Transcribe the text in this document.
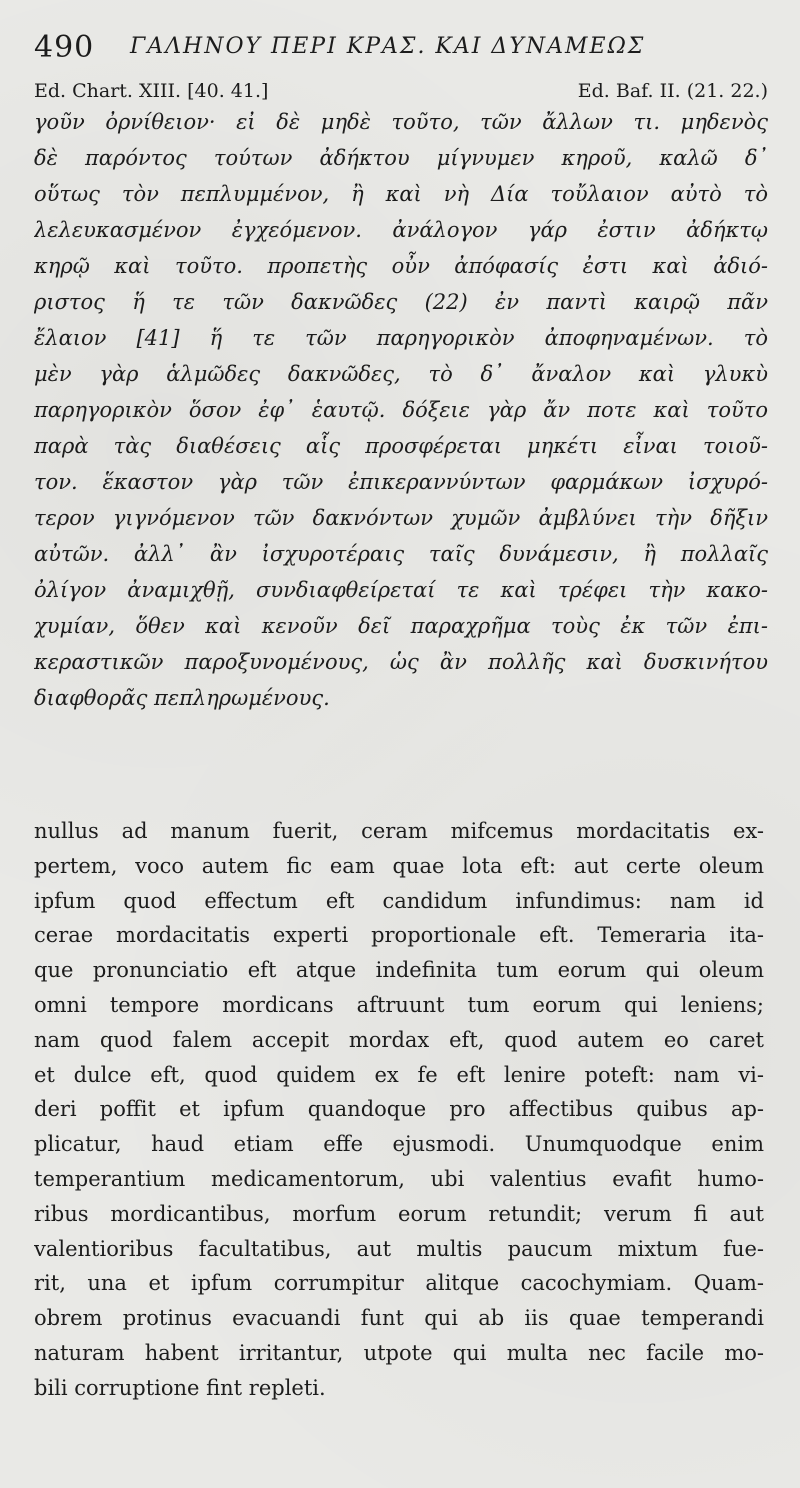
490 ΓΑΛΗΝΟΥ ΠΕΡΙ ΚΡΑΣ. ΚΑΙ ΔΥΝΑΜΕΩΣ
Ed. Chart. XIII. [40. 41.]	Ed. Baf. II. (21. 22.)
γοῦν ὀρνίθειον· εἰ δὲ μηδὲ τοῦτο, τῶν ἄλλων τι. μηδενὸς
δὲ παρόντος τούτων ἀδήκτου μίγνυμεν κηροῦ, καλῶ δ᾽
οὕτως τὸν πεπλυμμένον, ἢ καὶ νὴ Δία τοὔλαιον αὐτὸ τὸ
λελευκασμένον ἐγχεόμενον. ἀνάλογον γάρ ἐστιν ἀδήκτῳ
κηρῷ καὶ τοῦτο. προπετὴς οὖν ἀπόφασίς ἐστι καὶ ἀδιό-
ριστος ἥ τε τῶν δακνῶδες (22) ἐν παντὶ καιρῷ πᾶν
ἔλαιον [41] ἥ τε τῶν παρηγορικὸν ἀποφηναμένων. τὸ
μὲν γὰρ ἁλμῶδες δακνῶδες, τὸ δ᾽ ἄναλον καὶ γλυκὺ
παρηγορικὸν ὅσον ἐφ᾽ ἑαυτῷ. δόξειε γὰρ ἄν ποτε καὶ τοῦτο
παρὰ τὰς διαθέσεις αἷς προσφέρεται μηκέτι εἶναι τοιοῦ-
τον. ἕκαστον γὰρ τῶν ἐπικεραννύντων φαρμάκων ἰσχυρό-
τερον γιγνόμενον τῶν δακνόντων χυμῶν ἀμβλύνει τὴν δῆξιν
αὐτῶν. ἀλλ᾽ ἂν ἰσχυροτέραις ταῖς δυνάμεσιν, ἢ πολλαῖς
ὀλίγον ἀναμιχθῇ, συνδιαφθείρεταί τε καὶ τρέφει τὴν κακο-
χυμίαν, ὅθεν καὶ κενοῦν δεῖ παραχρῆμα τοὺς ἐκ τῶν ἐπι-
κεραστικῶν παροξυνομένους, ὡς ἂν πολλῆς καὶ δυσκινήτου
διαφθορᾶς πεπληρωμένους.

nullus ad manum fuerit, ceram mifcemus mordacitatis ex-
pertem, voco autem fic eam quae lota eft: aut certe oleum
ipfum quod effectum eft candidum infundimus: nam id
cerae mordacitatis experti proportionale eft. Temeraria ita-
que pronunciatio eft atque indefinita tum eorum qui oleum
omni tempore mordicans aftruunt tum eorum qui leniens;
nam quod falem accepit mordax eft, quod autem eo caret
et dulce eft, quod quidem ex fe eft lenire poteft: nam vi-
deri poffit et ipfum quandoque pro affectibus quibus ap-
plicatur, haud etiam effe ejusmodi. Unumquodque enim
temperantium medicamentorum, ubi valentius evafit humo-
ribus mordicantibus, morfum eorum retundit; verum fi aut
valentioribus facultatibus, aut multis paucum mixtum fue-
rit, una et ipfum corrumpitur alitque cacochymiam. Quam-
obrem protinus evacuandi funt qui ab iis quae temperandi
naturam habent irritantur, utpote qui multa nec facile mo-
bili corruptione fint repleti.
